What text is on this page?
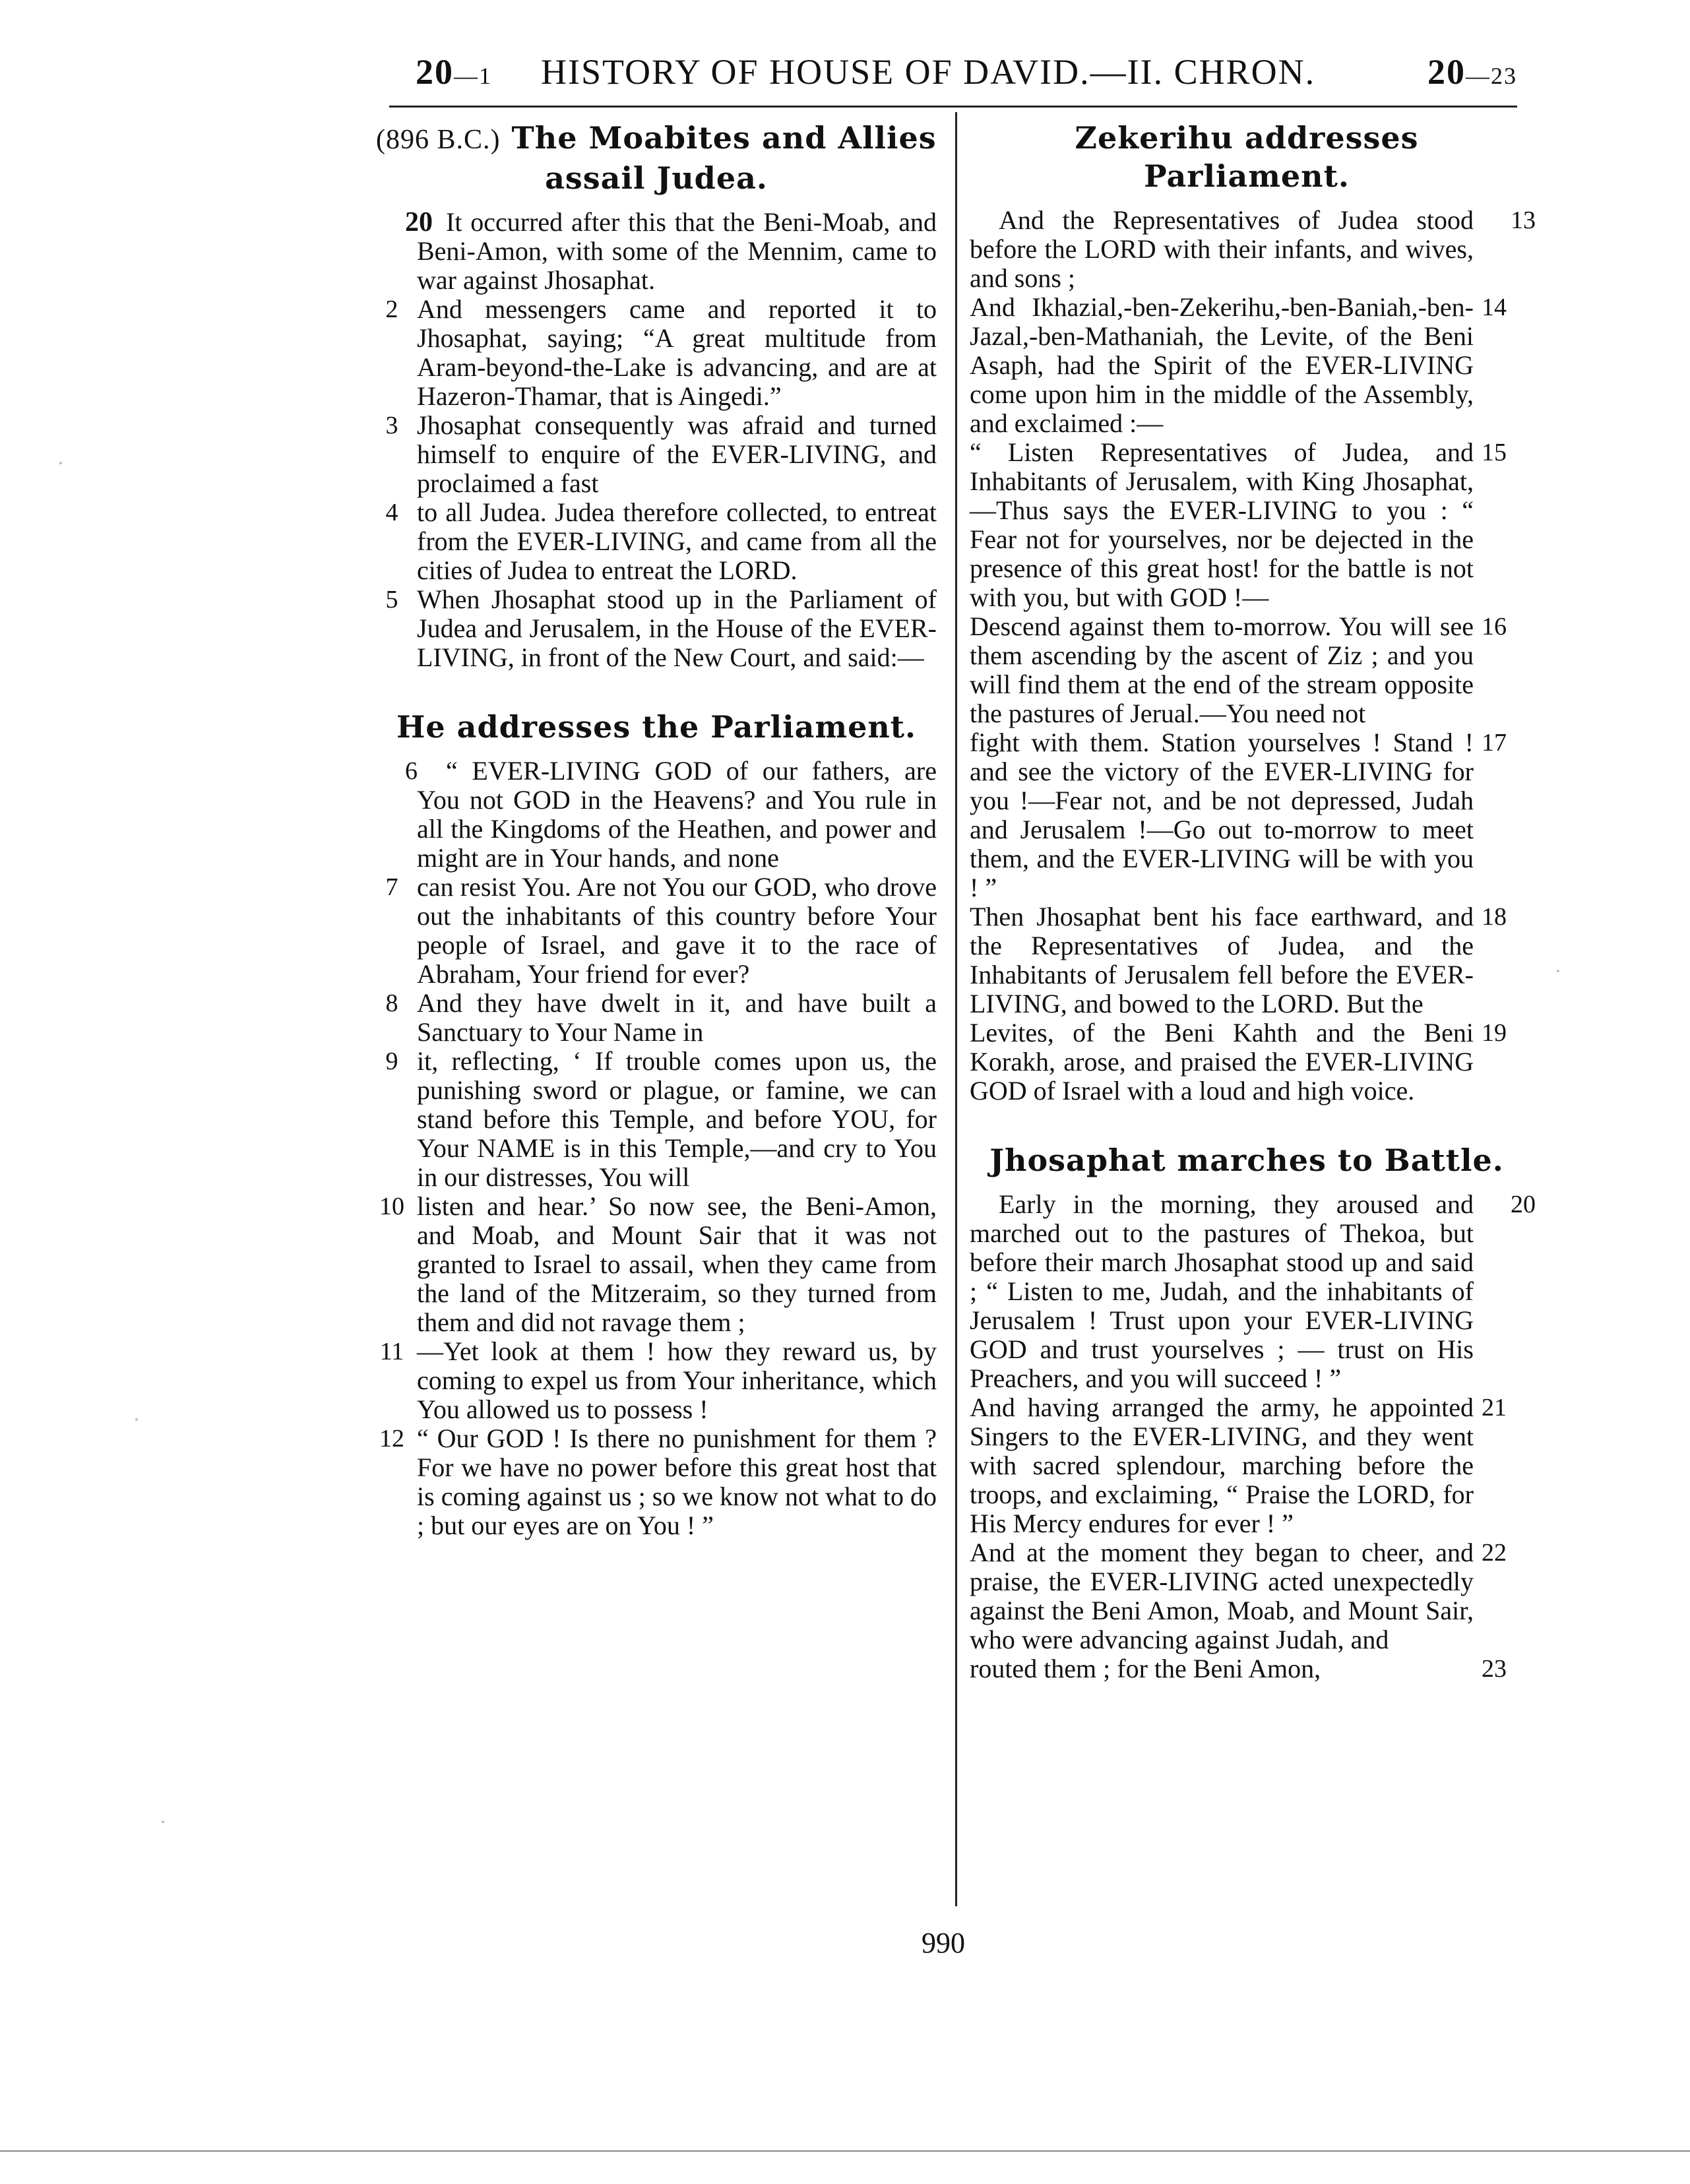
20—1 HISTORY OF HOUSE OF DAVID.—II. CHRON.	20—23
(896 B.C.) The Moabites and Allies
assail Judea.
20 It occurred after this that the Beni-Moab, and Beni-Amon, with some of the Mennim, came to war against Jhosaphat.
2 And messengers came and reported it to Jhosaphat, saying; “A great multitude from Aram-beyond-the-Lake is advancing, and are at Hazeron-Thamar, that is Aingedi.”
3 Jhosaphat consequently was afraid and turned himself to enquire of the EVER-LIVING, and proclaimed a fast
4 to all Judea. Judea therefore collected, to entreat from the EVER-LIVING, and came from all the cities of Judea to entreat the LORD.
5 When Jhosaphat stood up in the Parliament of Judea and Jerusalem, in the House of the EVER-LIVING, in front of the New Court, and said:—
He addresses the Parliament.
6 “ EVER-LIVING GOD of our fathers, are You not GOD in the Heavens? and You rule in all the Kingdoms of the Heathen, and power and might are in Your hands, and none
7 can resist You. Are not You our GOD, who drove out the inhabitants of this country before Your people of Israel, and gave it to the race of Abraham, Your friend for ever?
8 And they have dwelt in it, and have built a Sanctuary to Your Name in
9 it, reflecting, ‘ If trouble comes upon us, the punishing sword or plague, or famine, we can stand before this Temple, and before YOU, for Your NAME is in this Temple,—and cry to You in our distresses, You will
10 listen and hear.’ So now see, the Beni-Amon, and Moab, and Mount Sair that it was not granted to Israel to assail, when they came from the land of the Mitzeraim, so they turned from them and did not ravage them ;
11 —Yet look at them ! how they reward us, by coming to expel us from Your inheritance, which You allowed us to possess !
12 “ Our GOD ! Is there no punishment for them ? For we have no power before this great host that is coming against us ; so we know not what to do ; but our eyes are on You ! ”
Zekerihu addresses Parliament.
13
And the Representatives of Judea stood before the LORD with their infants, and wives, and sons ;
14
And Ikhazial,-ben-Zekerihu,-ben-Baniah,-ben-Jazal,-ben-Mathaniah, the Levite, of the Beni Asaph, had the Spirit of the EVER-LIVING come upon him in the middle of the Assembly, and exclaimed :—
15
“ Listen Representatives of Judea, and Inhabitants of Jerusalem, with King Jhosaphat,—Thus says the EVER-LIVING to you : “ Fear not for yourselves, nor be dejected in the presence of this great host! for the battle is not with you, but with GOD !—
16
Descend against them to-morrow. You will see them ascending by the ascent of Ziz ; and you will find them at the end of the stream opposite the pastures of Jerual.—You need not
17
fight with them. Station yourselves ! Stand ! and see the victory of the EVER-LIVING for you !—Fear not, and be not depressed, Judah and Jerusalem !—Go out to-morrow to meet them, and the EVER-LIVING will be with you ! ”
18
Then Jhosaphat bent his face earthward, and the Representatives of Judea, and the Inhabitants of Jerusalem fell before the EVER-LIVING, and bowed to the LORD. But the
19
Levites, of the Beni Kahth and the Beni Korakh, arose, and praised the EVER-LIVING GOD of Israel with a loud and high voice.
Jhosaphat marches to Battle.
20
Early in the morning, they aroused and marched out to the pastures of Thekoa, but before their march Jhosaphat stood up and said ; “ Listen to me, Judah, and the inhabitants of Jerusalem ! Trust upon your EVER-LIVING GOD and trust yourselves ; — trust on His Preachers, and you will succeed ! ”
21
And having arranged the army, he appointed Singers to the EVER-LIVING, and they went with sacred splendour, marching before the troops, and exclaiming, “ Praise the LORD, for His Mercy endures for ever ! ”
22
And at the moment they began to cheer, and praise, the EVER-LIVING acted unexpectedly against the Beni Amon, Moab, and Mount Sair, who were advancing against Judah, and
23
routed them ; for the Beni Amon,
990
